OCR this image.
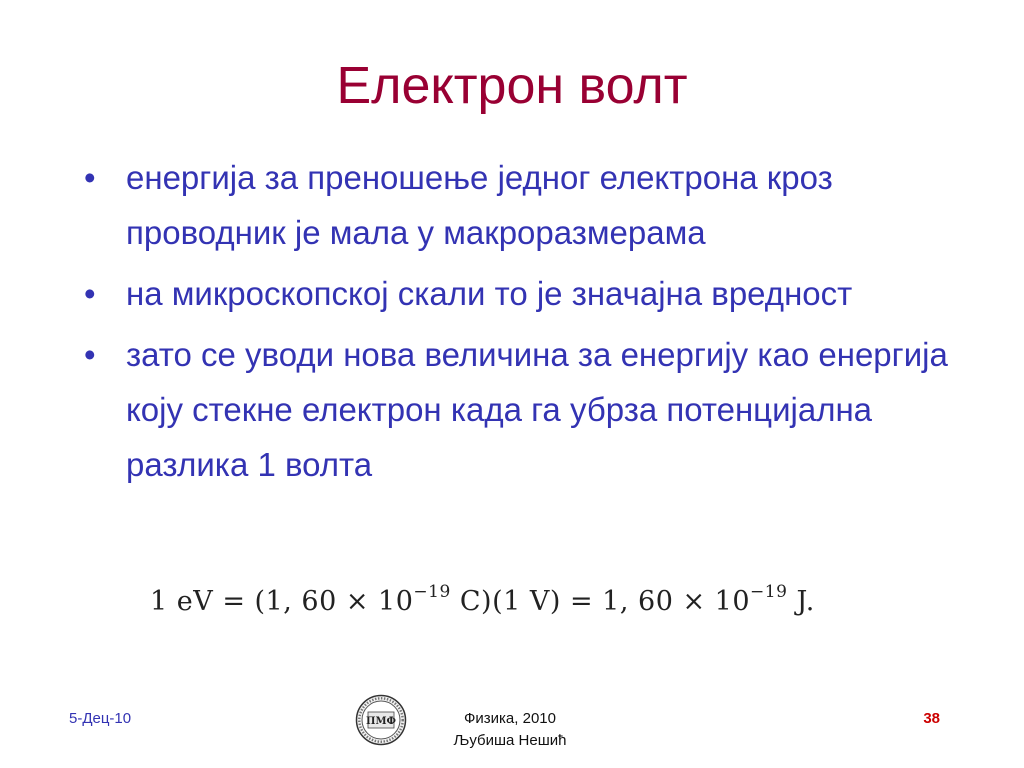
Електрон волт
• енергија за преношење једног електрона кроз проводник је мала у макроразмерама
• на микроскопској скали то је значајна вредност
• зато се уводи нова величина за енергију као енергија коју стекне електрон када га убрза потенцијална разлика 1 волта
1 eV = (1, $60 \times 10^{-19}$ C)(1 V) = 1, $60 \times 10^{-19}$ J.
5-Дец-10	ПМФ	Физика, 2010
Љубиша Нешић
38
